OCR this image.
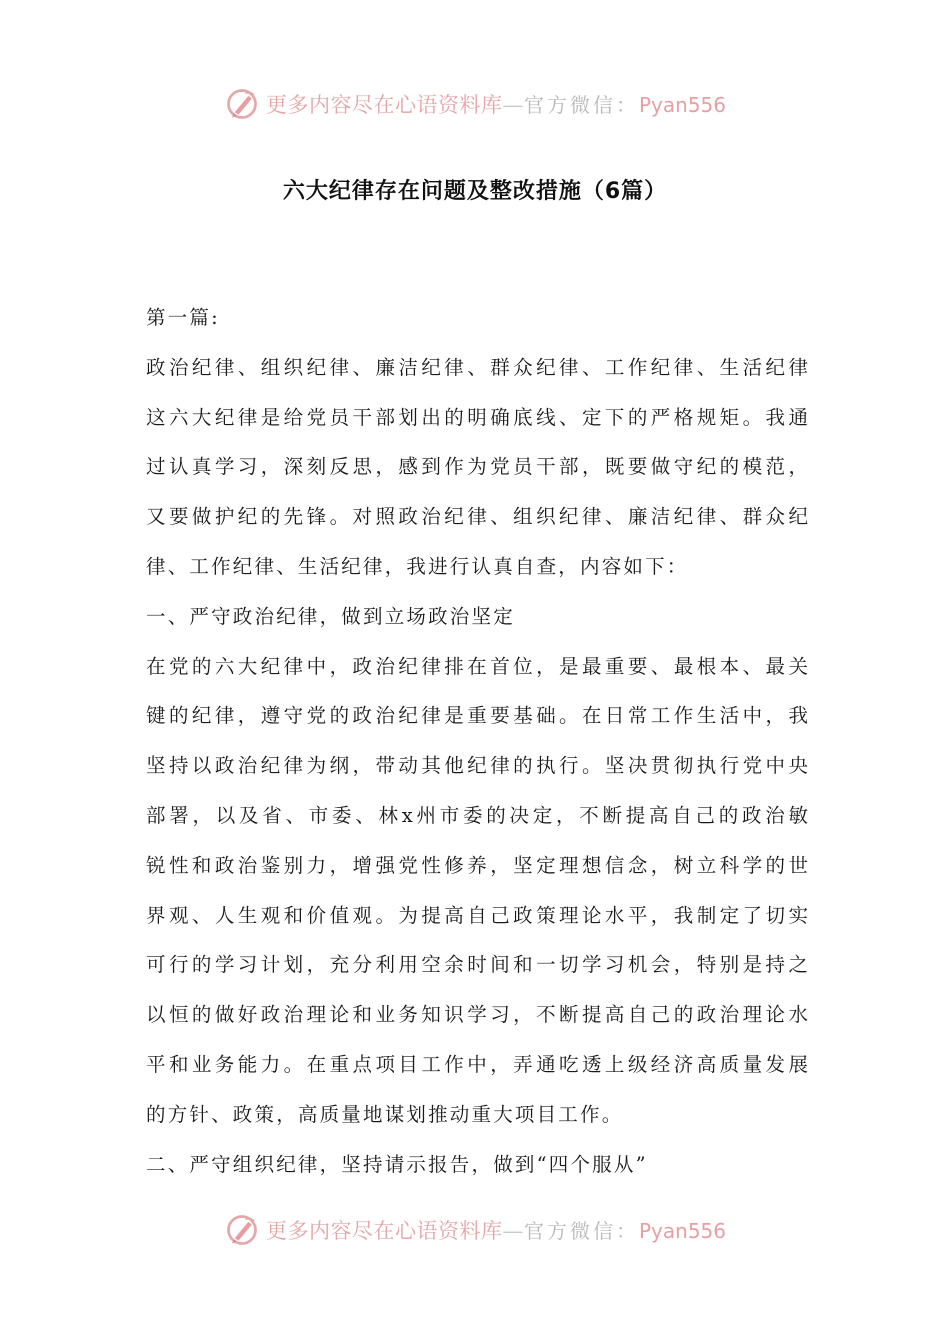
更多内容尽在心语资料库—官方微信：Pyan556
六大纪律存在问题及整改措施（6篇）
第一篇:
政治纪律、组织纪律、廉洁纪律、群众纪律、工作纪律、生活纪律
这六大纪律是给党员干部划出的明确底线、定下的严格规矩。我通
过认真学习，深刻反思，感到作为党员干部，既要做守纪的模范，
又要做护纪的先锋。对照政治纪律、组织纪律、廉洁纪律、群众纪
律、工作纪律、生活纪律，我进行认真自查，内容如下：
一、严守政治纪律，做到立场政治坚定
在党的六大纪律中，政治纪律排在首位，是最重要、最根本、最关
键的纪律，遵守党的政治纪律是重要基础。在日常工作生活中，我
坚持以政治纪律为纲，带动其他纪律的执行。坚决贯彻执行党中央
部署，以及省、市委、林x州市委的决定，不断提高自己的政治敏
锐性和政治鉴别力，增强党性修养，坚定理想信念，树立科学的世
界观、人生观和价值观。为提高自己政策理论水平，我制定了切实
可行的学习计划，充分利用空余时间和一切学习机会，特别是持之
以恒的做好政治理论和业务知识学习，不断提高自己的政治理论水
平和业务能力。在重点项目工作中，弄通吃透上级经济高质量发展
的方针、政策，高质量地谋划推动重大项目工作。
二、严守组织纪律，坚持请示报告，做到“四个服从”
更多内容尽在心语资料库—官方微信：Pyan556
